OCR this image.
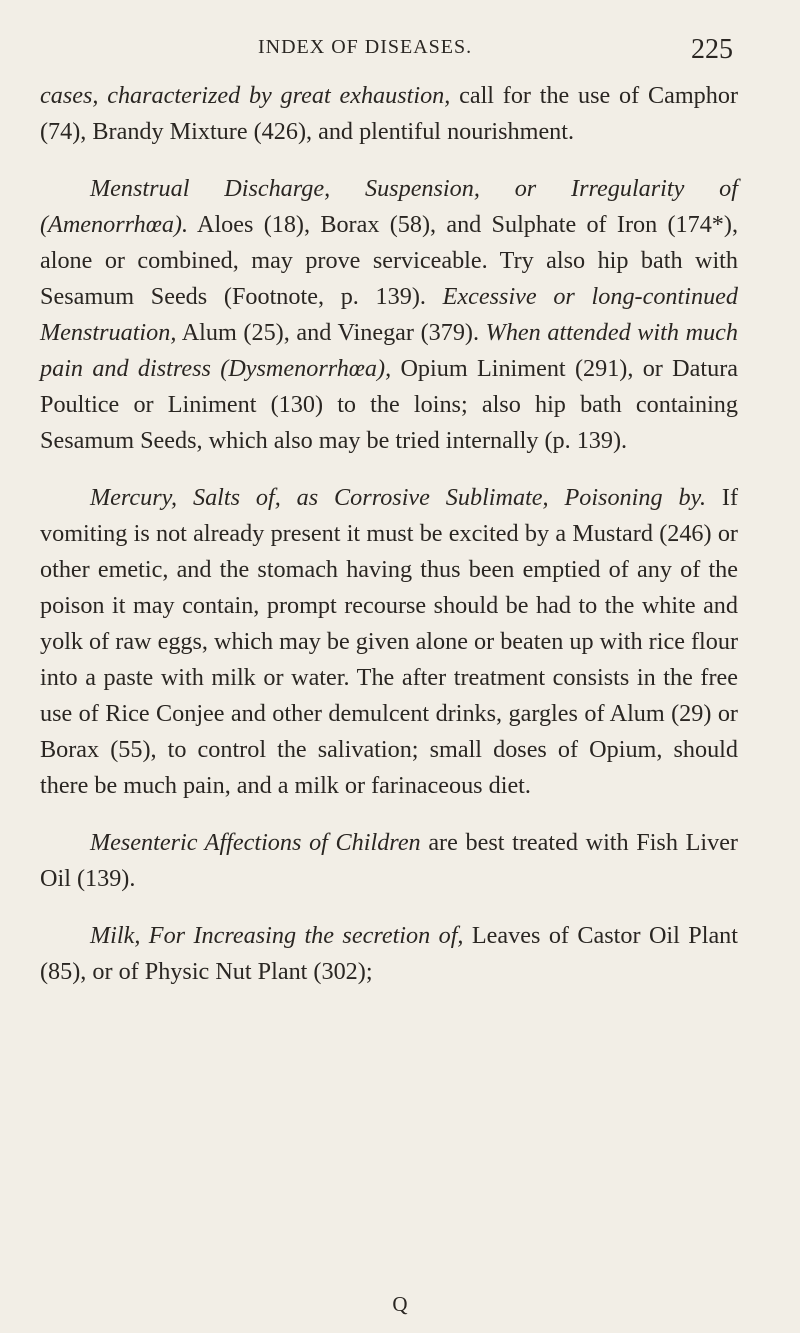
INDEX OF DISEASES.	225

cases, characterized by great exhaustion, call for the use of Camphor (74), Brandy Mixture (426), and plentiful nourishment.

Menstrual Discharge, Suspension, or Irregularity of (Amenorrhœa). Aloes (18), Borax (58), and Sulphate of Iron (174*), alone or combined, may prove serviceable. Try also hip bath with Sesamum Seeds (Footnote, p. 139). Excessive or long-continued Menstruation, Alum (25), and Vinegar (379). When attended with much pain and distress (Dysmenorrhœa), Opium Liniment (291), or Datura Poultice or Liniment (130) to the loins; also hip bath containing Sesamum Seeds, which also may be tried internally (p. 139).

Mercury, Salts of, as Corrosive Sublimate, Poisoning by. If vomiting is not already present it must be excited by a Mustard (246) or other emetic, and the stomach having thus been emptied of any of the poison it may contain, prompt recourse should be had to the white and yolk of raw eggs, which may be given alone or beaten up with rice flour into a paste with milk or water. The after treatment consists in the free use of Rice Conjee and other demulcent drinks, gargles of Alum (29) or Borax (55), to control the salivation; small doses of Opium, should there be much pain, and a milk or farinaceous diet.

Mesenteric Affections of Children are best treated with Fish Liver Oil (139).

Milk, For Increasing the secretion of, Leaves of Castor Oil Plant (85), or of Physic Nut Plant (302);

Q
